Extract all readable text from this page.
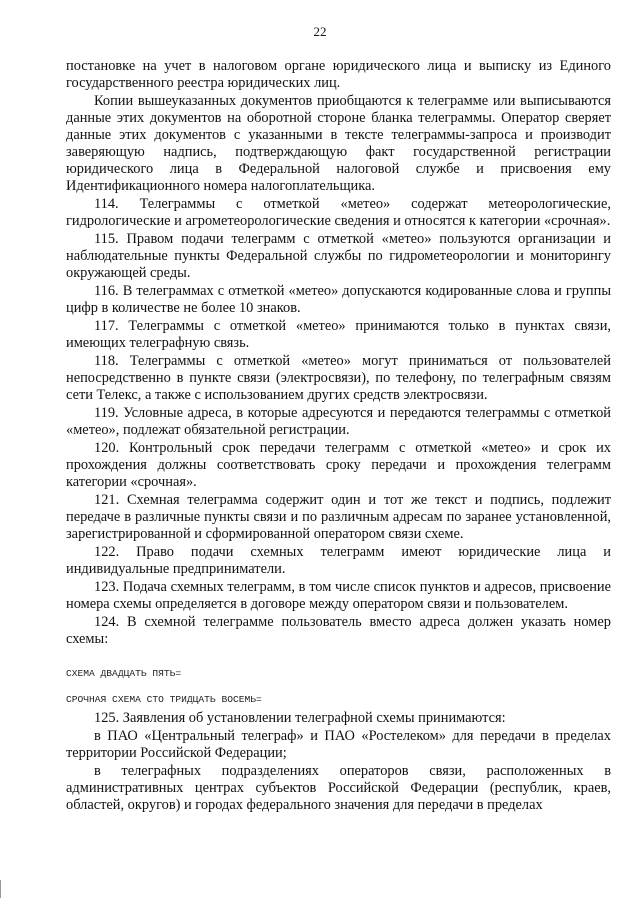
22

постановке на учет в налоговом органе юридического лица и выписку из Единого государственного реестра юридических лиц.

Копии вышеуказанных документов приобщаются к телеграмме или выписываются данные этих документов на оборотной стороне бланка телеграммы. Оператор сверяет данные этих документов с указанными в тексте телеграммы-запроса и производит заверяющую надпись, подтверждающую факт государственной регистрации юридического лица в Федеральной налоговой службе и присвоения ему Идентификационного номера налогоплательщика.

114. Телеграммы с отметкой «метео» содержат метеорологические, гидрологические и агрометеорологические сведения и относятся к категории «срочная».

115. Правом подачи телеграмм с отметкой «метео» пользуются организации и наблюдательные пункты Федеральной службы по гидрометеорологии и мониторингу окружающей среды.

116. В телеграммах с отметкой «метео» допускаются кодированные слова и группы цифр в количестве не более 10 знаков.

117. Телеграммы с отметкой «метео» принимаются только в пунктах связи, имеющих телеграфную связь.

118. Телеграммы с отметкой «метео» могут приниматься от пользователей непосредственно в пункте связи (электросвязи), по телефону, по телеграфным связям сети Телекс, а также с использованием других средств электросвязи.

119. Условные адреса, в которые адресуются и передаются телеграммы с отметкой «метео», подлежат обязательной регистрации.

120. Контрольный срок передачи телеграмм с отметкой «метео» и срок их прохождения должны соответствовать сроку передачи и прохождения телеграмм категории «срочная».

121. Схемная телеграмма содержит один и тот же текст и подпись, подлежит передаче в различные пункты связи и по различным адресам по заранее установленной, зарегистрированной и сформированной оператором связи схеме.

122. Право подачи схемных телеграмм имеют юридические лица и индивидуальные предприниматели.

123. Подача схемных телеграмм, в том числе список пунктов и адресов, присвоение номера схемы определяется в договоре между оператором связи и пользователем.

124. В схемной телеграмме пользователь вместо адреса должен указать номер схемы:

СХЕМА ДВАДЦАТЬ ПЯТЬ=
СРОЧНАЯ СХЕМА СТО ТРИДЦАТЬ ВОСЕМЬ=

125. Заявления об установлении телеграфной схемы принимаются:

в ПАО «Центральный телеграф» и ПАО «Ростелеком» для передачи в пределах территории Российской Федерации;

в телеграфных подразделениях операторов связи, расположенных в административных центрах субъектов Российской Федерации (республик, краев, областей, округов) и городах федерального значения для передачи в пределах
